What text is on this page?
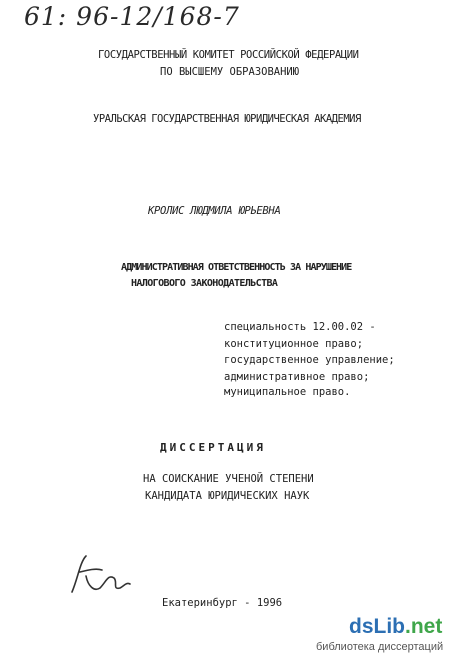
61: 96-12/168-7
ГОСУДАРСТВЕННЫЙ КОМИТЕТ РОССИЙСКОЙ ФЕДЕРАЦИИ
ПО ВЫСШЕМУ ОБРАЗОВАНИЮ
УРАЛЬСКАЯ ГОСУДАРСТВЕННАЯ ЮРИДИЧЕСКАЯ АКАДЕМИЯ
КРОЛИС ЛЮДМИЛА ЮРЬЕВНА
АДМИНИСТРАТИВНАЯ ОТВЕТСТВЕННОСТЬ ЗА НАРУШЕНИЕ
НАЛОГОВОГО ЗАКОНОДАТЕЛЬСТВА
специальность 12.00.02 -
конституционное право;
государственное управление;
административное право;
муниципальное право.
ДИССЕРТАЦИЯ
НА СОИСКАНИЕ УЧЕНОЙ СТЕПЕНИ
КАНДИДАТА ЮРИДИЧЕСКИХ НАУК
Екатеринбург - 1996
dsLib.net
библиотека диссертаций
